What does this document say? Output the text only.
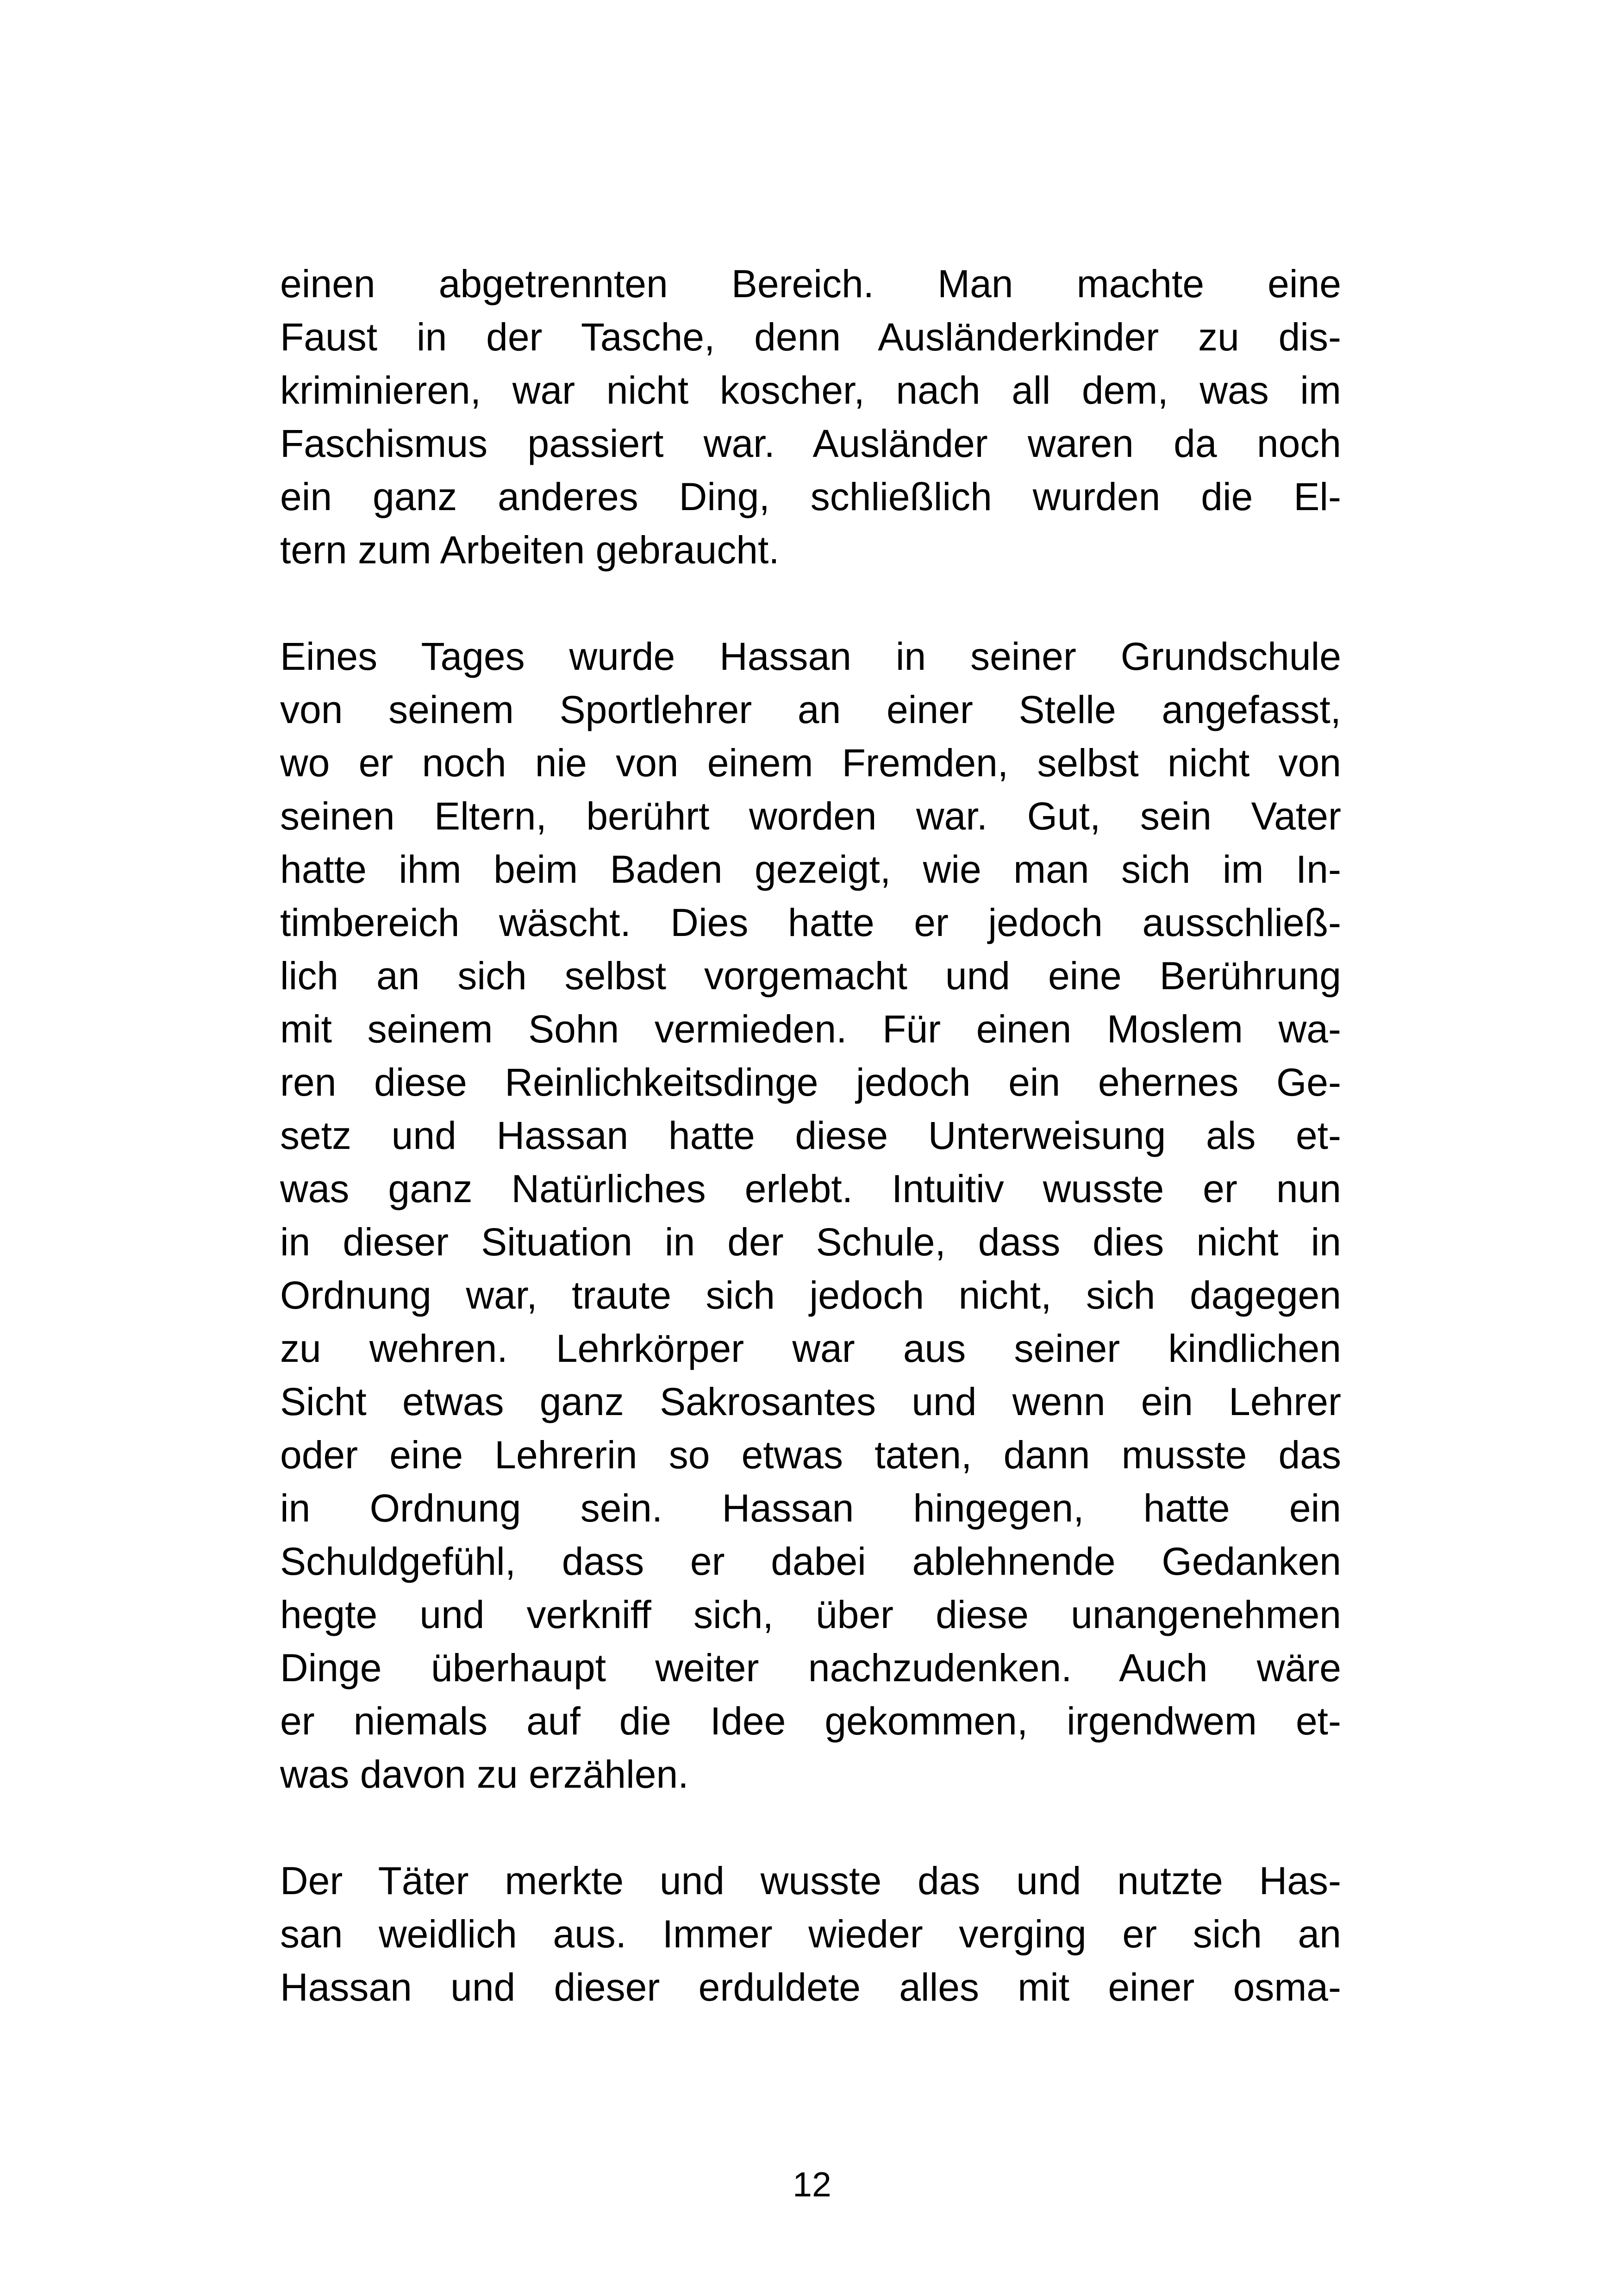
einen abgetrennten Bereich. Man machte eine
Faust in der Tasche, denn Ausländerkinder zu dis-
kriminieren, war nicht koscher, nach all dem, was im
Faschismus passiert war. Ausländer waren da noch
ein ganz anderes Ding, schließlich wurden die El-
tern zum Arbeiten gebraucht.
Eines Tages wurde Hassan in seiner Grundschule
von seinem Sportlehrer an einer Stelle angefasst,
wo er noch nie von einem Fremden, selbst nicht von
seinen Eltern, berührt worden war. Gut, sein Vater
hatte ihm beim Baden gezeigt, wie man sich im In-
timbereich wäscht. Dies hatte er jedoch ausschließ-
lich an sich selbst vorgemacht und eine Berührung
mit seinem Sohn vermieden. Für einen Moslem wa-
ren diese Reinlichkeitsdinge jedoch ein ehernes Ge-
setz und Hassan hatte diese Unterweisung als et-
was ganz Natürliches erlebt. Intuitiv wusste er nun
in dieser Situation in der Schule, dass dies nicht in
Ordnung war, traute sich jedoch nicht, sich dagegen
zu wehren. Lehrkörper war aus seiner kindlichen
Sicht etwas ganz Sakrosantes und wenn ein Lehrer
oder eine Lehrerin so etwas taten, dann musste das
in Ordnung sein. Hassan hingegen, hatte ein
Schuldgefühl, dass er dabei ablehnende Gedanken
hegte und verkniff sich, über diese unangenehmen
Dinge überhaupt weiter nachzudenken. Auch wäre
er niemals auf die Idee gekommen, irgendwem et-
was davon zu erzählen.
Der Täter merkte und wusste das und nutzte Has-
san weidlich aus. Immer wieder verging er sich an
Hassan und dieser erduldete alles mit einer osma-
12
